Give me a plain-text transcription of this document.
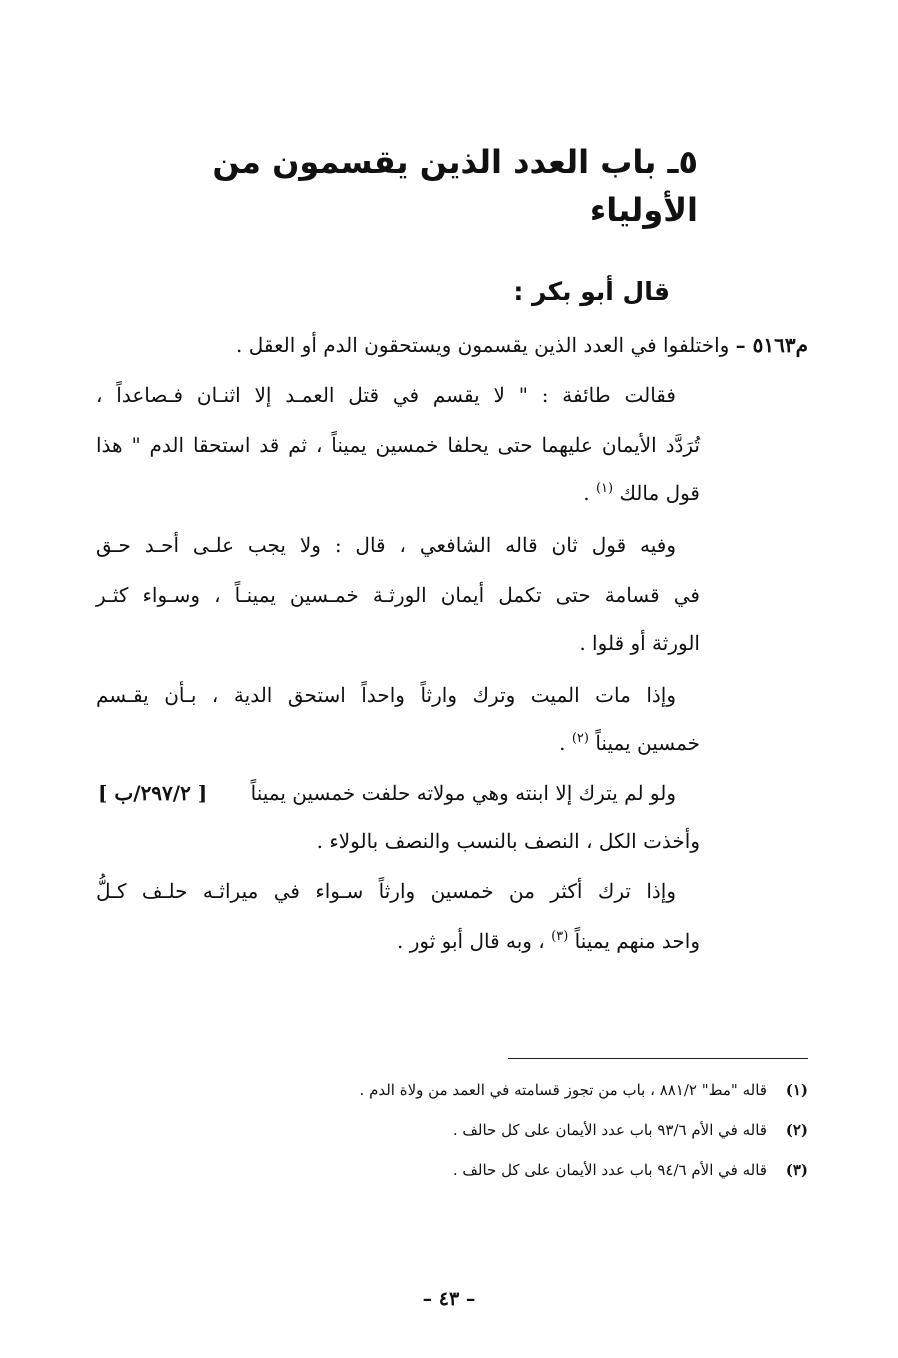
٥ـ باب العدد الذين يقسمون من الأولياء
قال أبو بكر :
م٥١٦٣ – واختلفوا في العدد الذين يقسمون ويستحقون الدم أو العقل .
فقالت طائفة : " لا يقسم في قتل العمـد إلا اثنـان فـصاعداً ،
تُرَدَّد الأيمان عليهما حتى يحلفا خمسين يميناً ، ثم قد استحقا الدم " هذا
قول مالك $^{(١)}$ .
وفيه قول ثان قاله الشافعي ، قال : ولا يجب علـى أحـد حـق
في قسامة حتى تكمل أيمان الورثـة خمـسين يمينـاً ، وسـواء كثـر
الورثة أو قلوا .
وإذا مات الميت وترك وارثاً واحداً استحق الدية ، بـأن يقـسم
خمسين يميناً $^{(٢)}$ .
ولو لم يترك إلا ابنته وهي مولاته حلفت خمسين يميناً
[ ٢٩٧/٢/ب ]
وأخذت الكل ، النصف بالنسب والنصف بالولاء .
وإذا ترك أكثر من خمسين وارثاً سـواء في ميراثـه حلـف كـلُّ
واحد منهم يميناً $^{(٣)}$ ، وبه قال أبو ثور .
(١) قاله "مط" ٨٨١/٢ ، باب من تجوز قسامته في العمد من ولاة الدم .
(٢) قاله في الأم ٩٣/٦ باب عدد الأيمان على كل حالف .
(٣) قاله في الأم ٩٤/٦ باب عدد الأيمان على كل حالف .
– ٤٣ –
